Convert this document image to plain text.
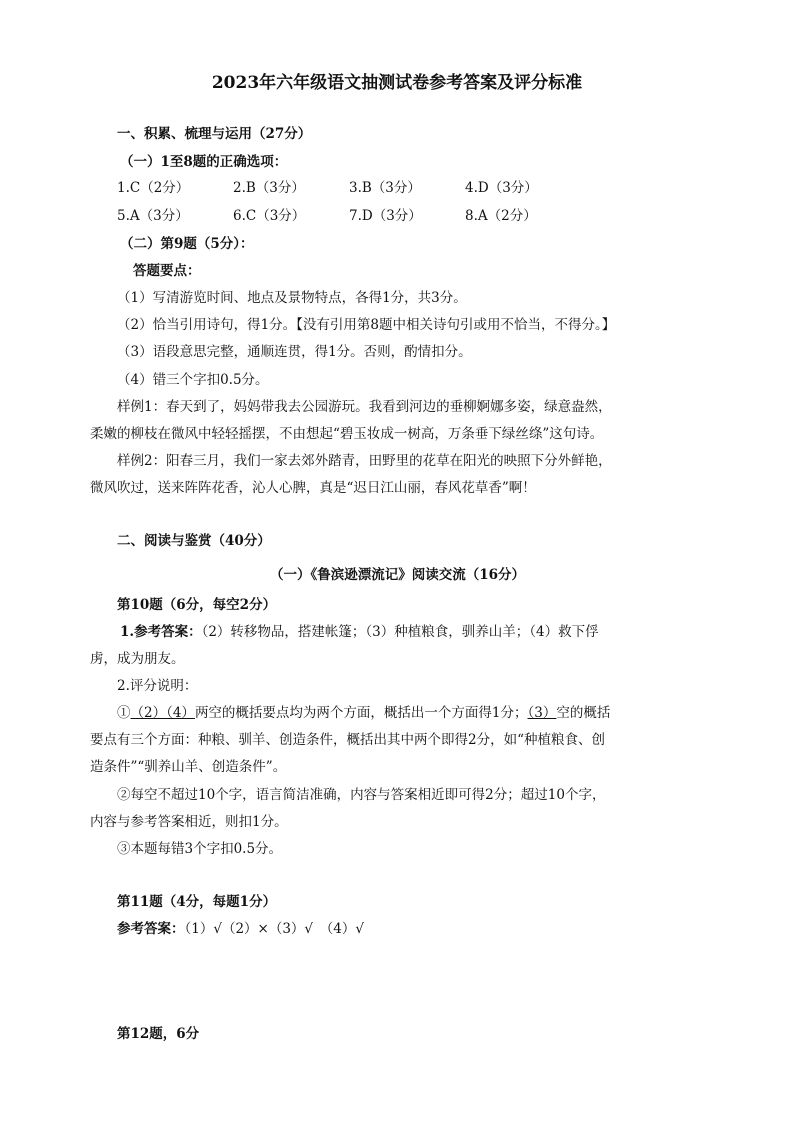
2023年六年级语文抽测试卷参考答案及评分标准
一、积累、梳理与运用（27分）
（一）1至8题的正确选项：
1.C（2分）	2.B（3分）	3.B（3分）	4.D（3分）
5.A（3分）	6.C（3分）	7.D（3分）	8.A（2分）
（二）第9题（5分）：
答题要点：
（1）写清游览时间、地点及景物特点，各得1分，共3分。
（2）恰当引用诗句，得1分。【没有引用第8题中相关诗句引或用不恰当，不得分。】
（3）语段意思完整，通顺连贯，得1分。否则，酌情扣分。
（4）错三个字扣0.5分。
样例1：春天到了，妈妈带我去公园游玩。我看到河边的垂柳婀娜多姿，绿意盎然，
柔嫩的柳枝在微风中轻轻摇摆，不由想起“碧玉妆成一树高，万条垂下绿丝绦”这句诗。
样例2：阳春三月，我们一家去郊外踏青，田野里的花草在阳光的映照下分外鲜艳，
微风吹过，送来阵阵花香，沁人心脾，真是“迟日江山丽，春风花草香”啊！
二、阅读与鉴赏（40分）
（一）《鲁滨逊漂流记》阅读交流（16分）
第10题（6分，每空2分）
1.参考答案：（2）转移物品，搭建帐篷；（3）种植粮食，驯养山羊；（4）救下俘
虏，成为朋友。
2.评分说明：
①（2）（4）两空的概括要点均为两个方面，概括出一个方面得1分；（3）空的概括
要点有三个方面：种粮、驯羊、创造条件，概括出其中两个即得2分，如“种植粮食、创
造条件”“驯养山羊、创造条件”。
②每空不超过10个字，语言简洁准确，内容与答案相近即可得2分；超过10个字，
内容与参考答案相近，则扣1分。
③本题每错3个字扣0.5分。
第11题（4分，每题1分）
参考答案：（1）√（2）×（3）√　（4）√
第12题，6分
